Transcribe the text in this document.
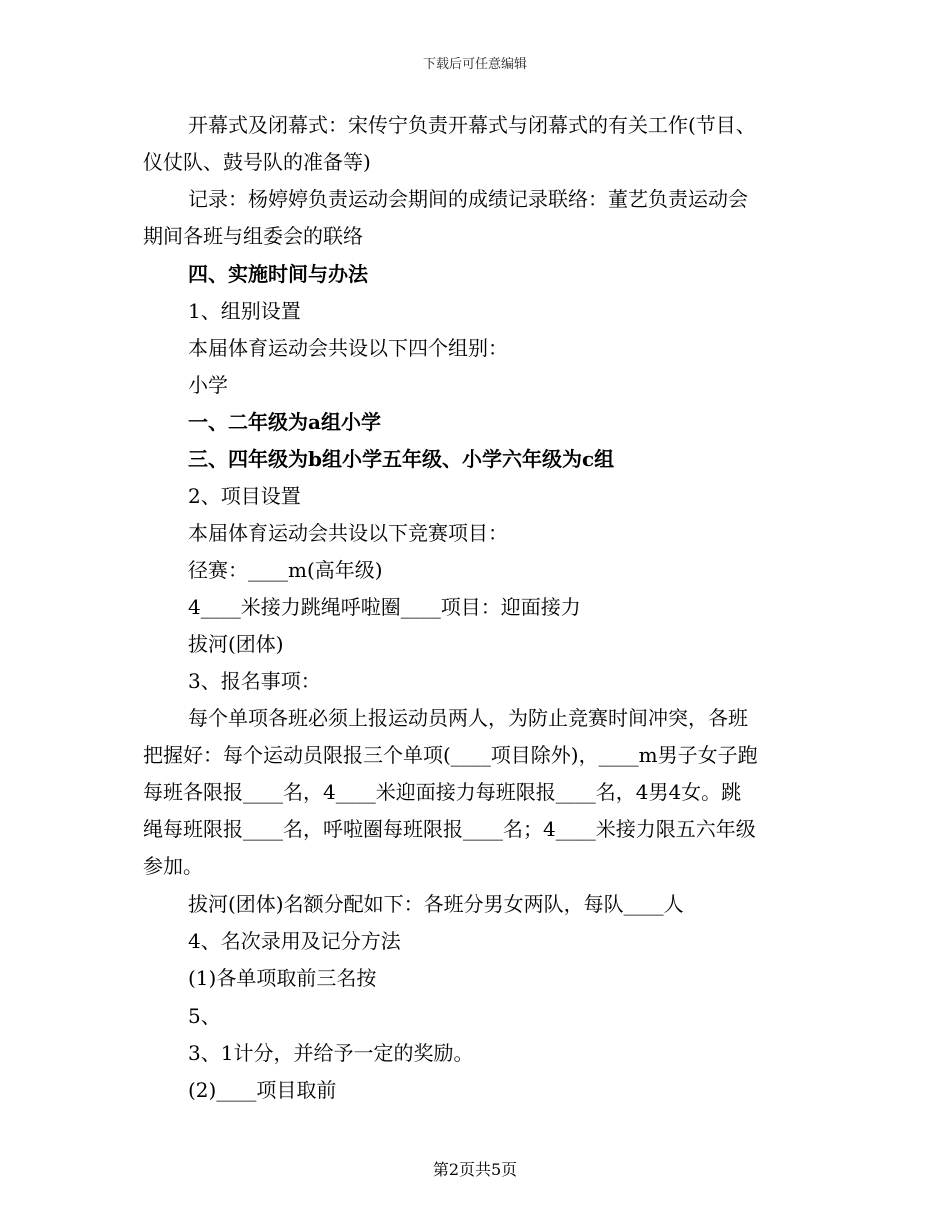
下载后可任意编辑
开幕式及闭幕式：宋传宁负责开幕式与闭幕式的有关工作(节目、
仪仗队、鼓号队的准备等)
记录：杨婷婷负责运动会期间的成绩记录联络：董艺负责运动会
期间各班与组委会的联络
四、实施时间与办法
1、组别设置
本届体育运动会共设以下四个组别：
小学
一、二年级为a组小学
三、四年级为b组小学五年级、小学六年级为c组
2、项目设置
本届体育运动会共设以下竞赛项目：
径赛：____m(高年级)
4____米接力跳绳呼啦圈____项目：迎面接力
拔河(团体)
3、报名事项：
每个单项各班必须上报运动员两人，为防止竞赛时间冲突，各班
把握好：每个运动员限报三个单项(____项目除外)，____m男子女子跑
每班各限报____名，4____米迎面接力每班限报____名，4男4女。跳
绳每班限报____名，呼啦圈每班限报____名；4____米接力限五六年级
参加。
拔河(团体)名额分配如下：各班分男女两队，每队____人
4、名次录用及记分方法
(1)各单项取前三名按
5、
3、1计分，并给予一定的奖励。
(2)____项目取前
第2页共5页
